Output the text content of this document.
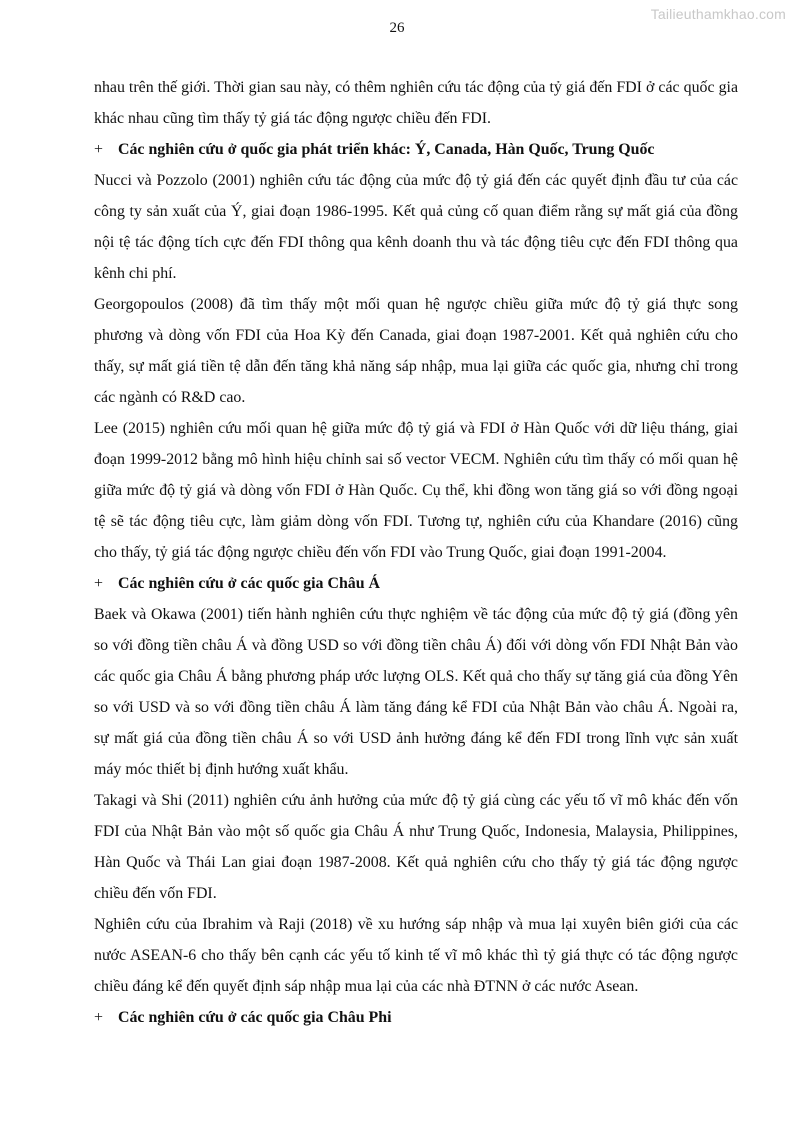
Tailieuthamkhao.com
26

nhau trên thế giới. Thời gian sau này, có thêm nghiên cứu tác động của tỷ giá đến FDI ở các quốc gia khác nhau cũng tìm thấy tỷ giá tác động ngược chiều đến FDI.

+ Các nghiên cứu ở quốc gia phát triển khác: Ý, Canada, Hàn Quốc, Trung Quốc

Nucci và Pozzolo (2001) nghiên cứu tác động của mức độ tỷ giá đến các quyết định đầu tư của các công ty sản xuất của Ý, giai đoạn 1986-1995. Kết quả củng cố quan điểm rằng sự mất giá của đồng nội tệ tác động tích cực đến FDI thông qua kênh doanh thu và tác động tiêu cực đến FDI thông qua kênh chi phí.

Georgopoulos (2008) đã tìm thấy một mối quan hệ ngược chiều giữa mức độ tỷ giá thực song phương và dòng vốn FDI của Hoa Kỳ đến Canada, giai đoạn 1987-2001. Kết quả nghiên cứu cho thấy, sự mất giá tiền tệ dẫn đến tăng khả năng sáp nhập, mua lại giữa các quốc gia, nhưng chỉ trong các ngành có R&D cao.

Lee (2015) nghiên cứu mối quan hệ giữa mức độ tỷ giá và FDI ở Hàn Quốc với dữ liệu tháng, giai đoạn 1999-2012 bằng mô hình hiệu chỉnh sai số vector VECM. Nghiên cứu tìm thấy có mối quan hệ giữa mức độ tỷ giá và dòng vốn FDI ở Hàn Quốc. Cụ thể, khi đồng won tăng giá so với đồng ngoại tệ sẽ tác động tiêu cực, làm giảm dòng vốn FDI. Tương tự, nghiên cứu của Khandare (2016) cũng cho thấy, tỷ giá tác động ngược chiều đến vốn FDI vào Trung Quốc, giai đoạn 1991-2004.

+ Các nghiên cứu ở các quốc gia Châu Á

Baek và Okawa (2001) tiến hành nghiên cứu thực nghiệm về tác động của mức độ tỷ giá (đồng yên so với đồng tiền châu Á và đồng USD so với đồng tiền châu Á) đối với dòng vốn FDI Nhật Bản vào các quốc gia Châu Á bằng phương pháp ước lượng OLS. Kết quả cho thấy sự tăng giá của đồng Yên so với USD và so với đồng tiền châu Á làm tăng đáng kể FDI của Nhật Bản vào châu Á. Ngoài ra, sự mất giá của đồng tiền châu Á so với USD ảnh hưởng đáng kể đến FDI trong lĩnh vực sản xuất máy móc thiết bị định hướng xuất khẩu.

Takagi và Shi (2011) nghiên cứu ảnh hưởng của mức độ tỷ giá cùng các yếu tố vĩ mô khác đến vốn FDI của Nhật Bản vào một số quốc gia Châu Á như Trung Quốc, Indonesia, Malaysia, Philippines, Hàn Quốc và Thái Lan giai đoạn 1987-2008. Kết quả nghiên cứu cho thấy tỷ giá tác động ngược chiều đến vốn FDI.

Nghiên cứu của Ibrahim và Raji (2018) về xu hướng sáp nhập và mua lại xuyên biên giới của các nước ASEAN-6 cho thấy bên cạnh các yếu tố kinh tế vĩ mô khác thì tỷ giá thực có tác động ngược chiều đáng kể đến quyết định sáp nhập mua lại của các nhà ĐTNN ở các nước Asean.

+ Các nghiên cứu ở các quốc gia Châu Phi
